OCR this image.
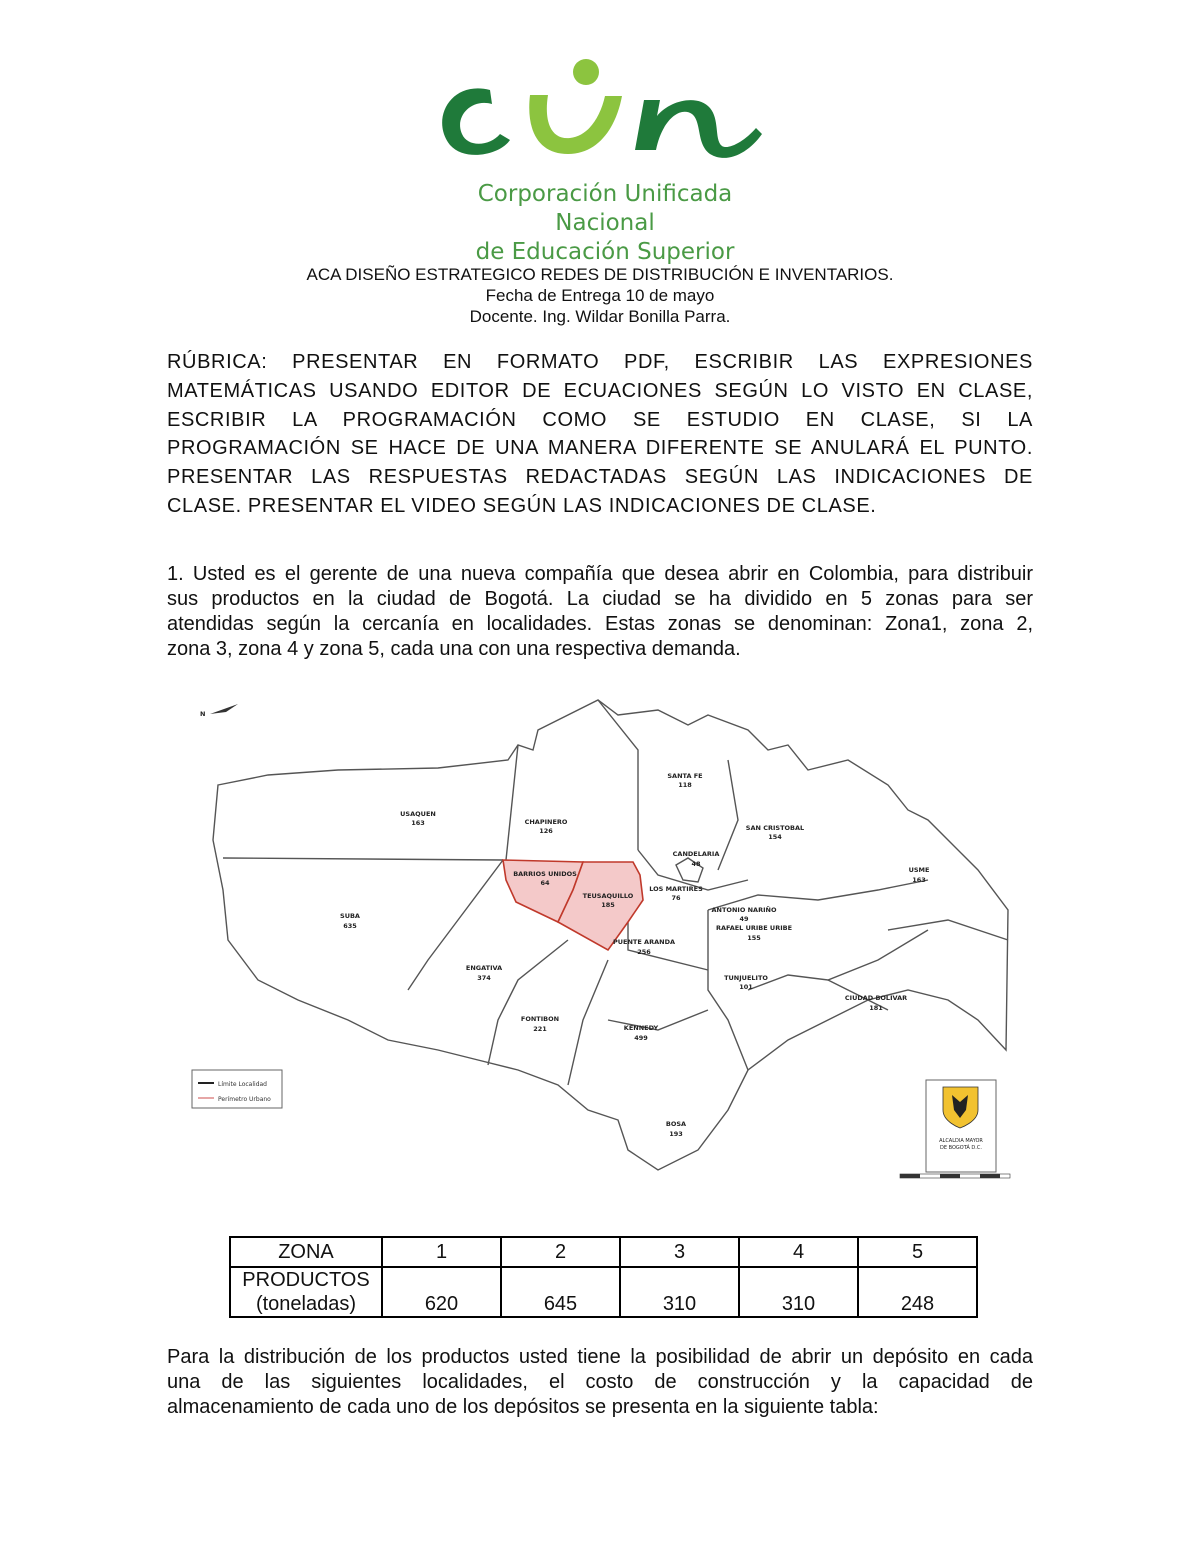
Corporación Unificada Nacional
de Educación Superior
ACA DISEÑO ESTRATEGICO REDES DE DISTRIBUCIÓN E INVENTARIOS.
Fecha de Entrega 10 de mayo
Docente. Ing. Wildar Bonilla Parra.
RÚBRICA: PRESENTAR EN FORMATO PDF, ESCRIBIR LAS EXPRESIONES
MATEMÁTICAS USANDO EDITOR DE ECUACIONES SEGÚN LO VISTO EN CLASE,
ESCRIBIR LA PROGRAMACIÓN COMO SE ESTUDIO EN CLASE, SI LA
PROGRAMACIÓN SE HACE DE UNA MANERA DIFERENTE SE ANULARÁ EL PUNTO.
PRESENTAR LAS RESPUESTAS REDACTADAS SEGÚN LAS INDICACIONES DE
CLASE. PRESENTAR EL VIDEO SEGÚN LAS INDICACIONES DE CLASE.
1. Usted es el gerente de una nueva compañía que desea abrir en Colombia, para distribuir
sus productos en la ciudad de Bogotá. La ciudad se ha dividido en 5 zonas para ser
atendidas según la cercanía en localidades. Estas zonas se denominan: Zona1, zona 2,
zona 3, zona 4 y zona 5, cada una con una respectiva demanda.
USAQUEN
163	CHAPINERO
126
SANTA FE
118
SAN CRISTOBAL
154
CANDELARIA
48
USME
163
BARRIOS UNIDOS
64
TEUSAQUILLO
185
LOS MARTIRES
76
ANTONIO NARIÑO
49
RAFAEL URIBE URIBE
155
SUBA
635
PUENTE ARANDA
256
ENGATIVA
374	TUNJUELITO
101
CIUDAD BOLIVAR
181
FONTIBON
221	KENNEDY
499
BOSA
193
N
Límite Localidad
Perímetro Urbano
ALCALDIA MAYOR
DE BOGOTÁ D.C.
ZONA	1	2	3	4	5

PRODUCTOS
(toneladas)	620	645	310	310	248
Para la distribución de los productos usted tiene la posibilidad de abrir un depósito en cada
una de las siguientes localidades, el costo de construcción y la capacidad de
almacenamiento de cada uno de los depósitos se presenta en la siguiente tabla:
